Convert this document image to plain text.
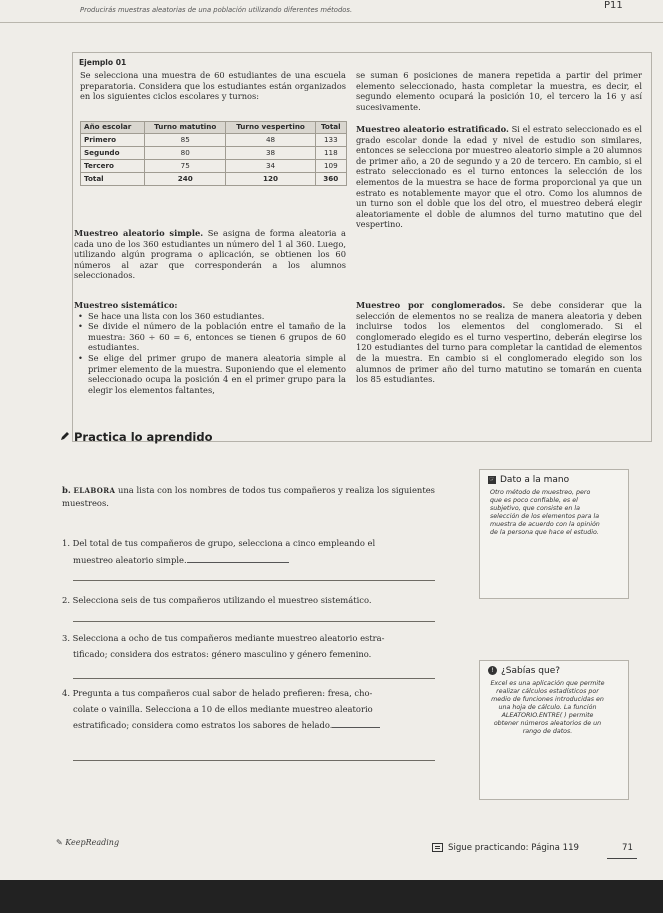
Producirás muestras aleatorias de una población utilizando diferentes métodos.	P11
Ejemplo 01
Se selecciona una muestra de 60 estudiantes de una escuela preparatoria. Considera que los estudiantes están organizados en los siguientes ciclos escolares y turnos:
Año escolar	Turno matutino	Turno vespertino	Total
Primero	85	48	133
Segundo	80	38	118
Tercero	75	34	109
Total	240	120	360
Muestreo aleatorio simple. Se asigna de forma aleatoria a cada uno de los 360 estudiantes un número del 1 al 360. Luego, utilizando algún programa o aplicación, se obtienen los 60 números al azar que corresponderán a los alumnos seleccionados.
Muestreo sistemático:
• Se hace una lista con los 360 estudiantes.
• Se divide el número de la población entre el tamaño de la muestra: 360 ÷ 60 = 6, entonces se tienen 6 grupos de 60 estudiantes.
• Se elige del primer grupo de manera aleatoria simple al primer elemento de la muestra. Suponiendo que el elemento seleccionado ocupa la posición 4 en el primer grupo para la elegir los elementos faltantes,
se suman 6 posiciones de manera repetida a partir del primer elemento seleccionado, hasta completar la muestra, es decir, el segundo elemento ocupará la posición 10, el tercero la 16 y así sucesivamente.
Muestreo aleatorio estratificado. Si el estrato seleccionado es el grado escolar donde la edad y nivel de estudio son similares, entonces se selecciona por muestreo aleatorio simple a 20 alumnos de primer año, a 20 de segundo y a 20 de tercero. En cambio, si el estrato seleccionado es el turno entonces la selección de los elementos de la muestra se hace de forma proporcional ya que un estrato es notablemente mayor que el otro. Como los alumnos de un turno son el doble que los del otro, el muestreo deberá elegir aleatoriamente el doble de alumnos del turno matutino que del vespertino.
Muestreo por conglomerados. Se debe considerar que la selección de elementos no se realiza de manera aleatoria y deben incluirse todos los elementos del conglomerado. Si el conglomerado elegido es el turno vespertino, deberán elegirse los 120 estudiantes del turno para completar la cantidad de elementos de la muestra. En cambio si el conglomerado elegido son los alumnos de primer año del turno matutino se tomarán en cuenta los 85 estudiantes.
Practica lo aprendido
b. ELABORA una lista con los nombres de todos tus compañeros y realiza los siguientes muestreos.
1. Del total de tus compañeros de grupo, selecciona a cinco empleando el
muestreo aleatorio simple.
2. Selecciona seis de tus compañeros utilizando el muestreo sistemático.
3. Selecciona a ocho de tus compañeros mediante muestreo aleatorio estra-
tificado; considera dos estratos: género masculino y género femenino.
4. Pregunta a tus compañeros cual sabor de helado prefieren: fresa, cho-
colate o vainilla. Selecciona a 10 de ellos mediante muestreo aleatorio
estratificado; considera como estratos los sabores de helado.
☞ Dato a la mano
Otro método de muestreo, pero que es poco confiable, es el subjetivo, que consiste en la selección de los elementos para la muestra de acuerdo con la opinión de la persona que hace el estudio.
! ¿Sabías que?
Excel es una aplicación que permite realizar cálculos estadísticos por medio de funciones introducidas en una hoja de cálculo. La función ALEATORIO.ENTRE( ) permite obtener números aleatorios de un rango de datos.
✎ KeepReading
Sigue practicando: Página 119	71
